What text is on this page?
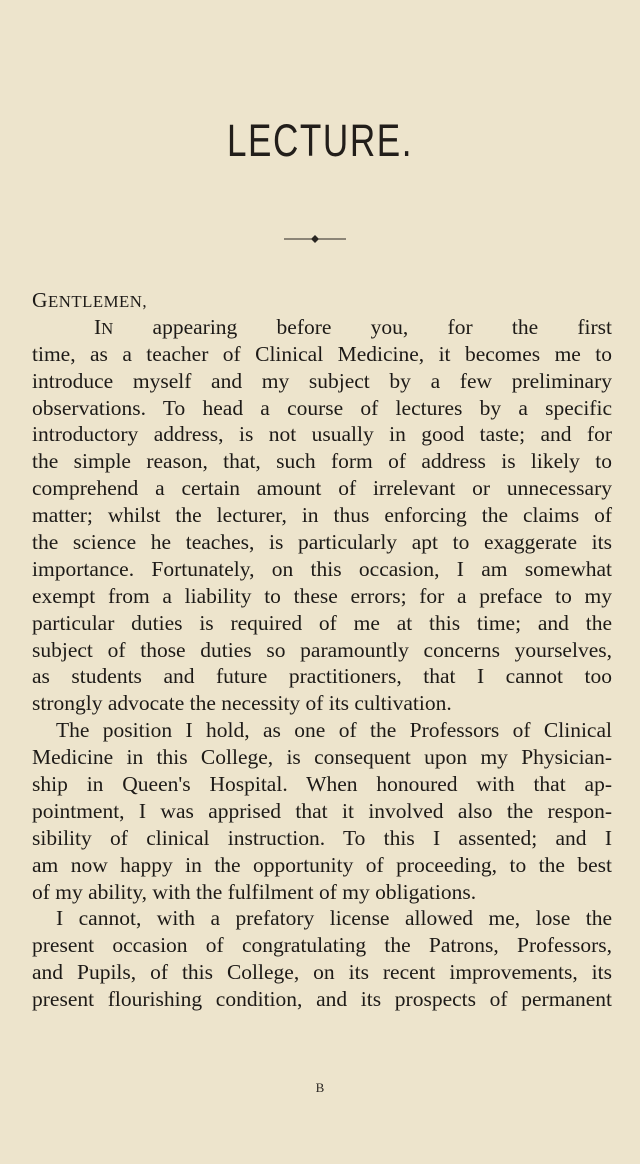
LECTURE.
GENTLEMEN,
IN appearing before you, for the first
time, as a teacher of Clinical Medicine, it becomes me to
introduce myself and my subject by a few preliminary
observations. To head a course of lectures by a specific
introductory address, is not usually in good taste; and for
the simple reason, that, such form of address is likely to
comprehend a certain amount of irrelevant or unnecessary
matter; whilst the lecturer, in thus enforcing the claims of
the science he teaches, is particularly apt to exaggerate its
importance. Fortunately, on this occasion, I am somewhat
exempt from a liability to these errors; for a preface to my
particular duties is required of me at this time; and the
subject of those duties so paramountly concerns yourselves,
as students and future practitioners, that I cannot too
strongly advocate the necessity of its cultivation.
The position I hold, as one of the Professors of Clinical
Medicine in this College, is consequent upon my Physician-
ship in Queen's Hospital. When honoured with that ap-
pointment, I was apprised that it involved also the respon-
sibility of clinical instruction. To this I assented; and I
am now happy in the opportunity of proceeding, to the best
of my ability, with the fulfilment of my obligations.
I cannot, with a prefatory license allowed me, lose the
present occasion of congratulating the Patrons, Professors,
and Pupils, of this College, on its recent improvements, its
present flourishing condition, and its prospects of permanent
B
